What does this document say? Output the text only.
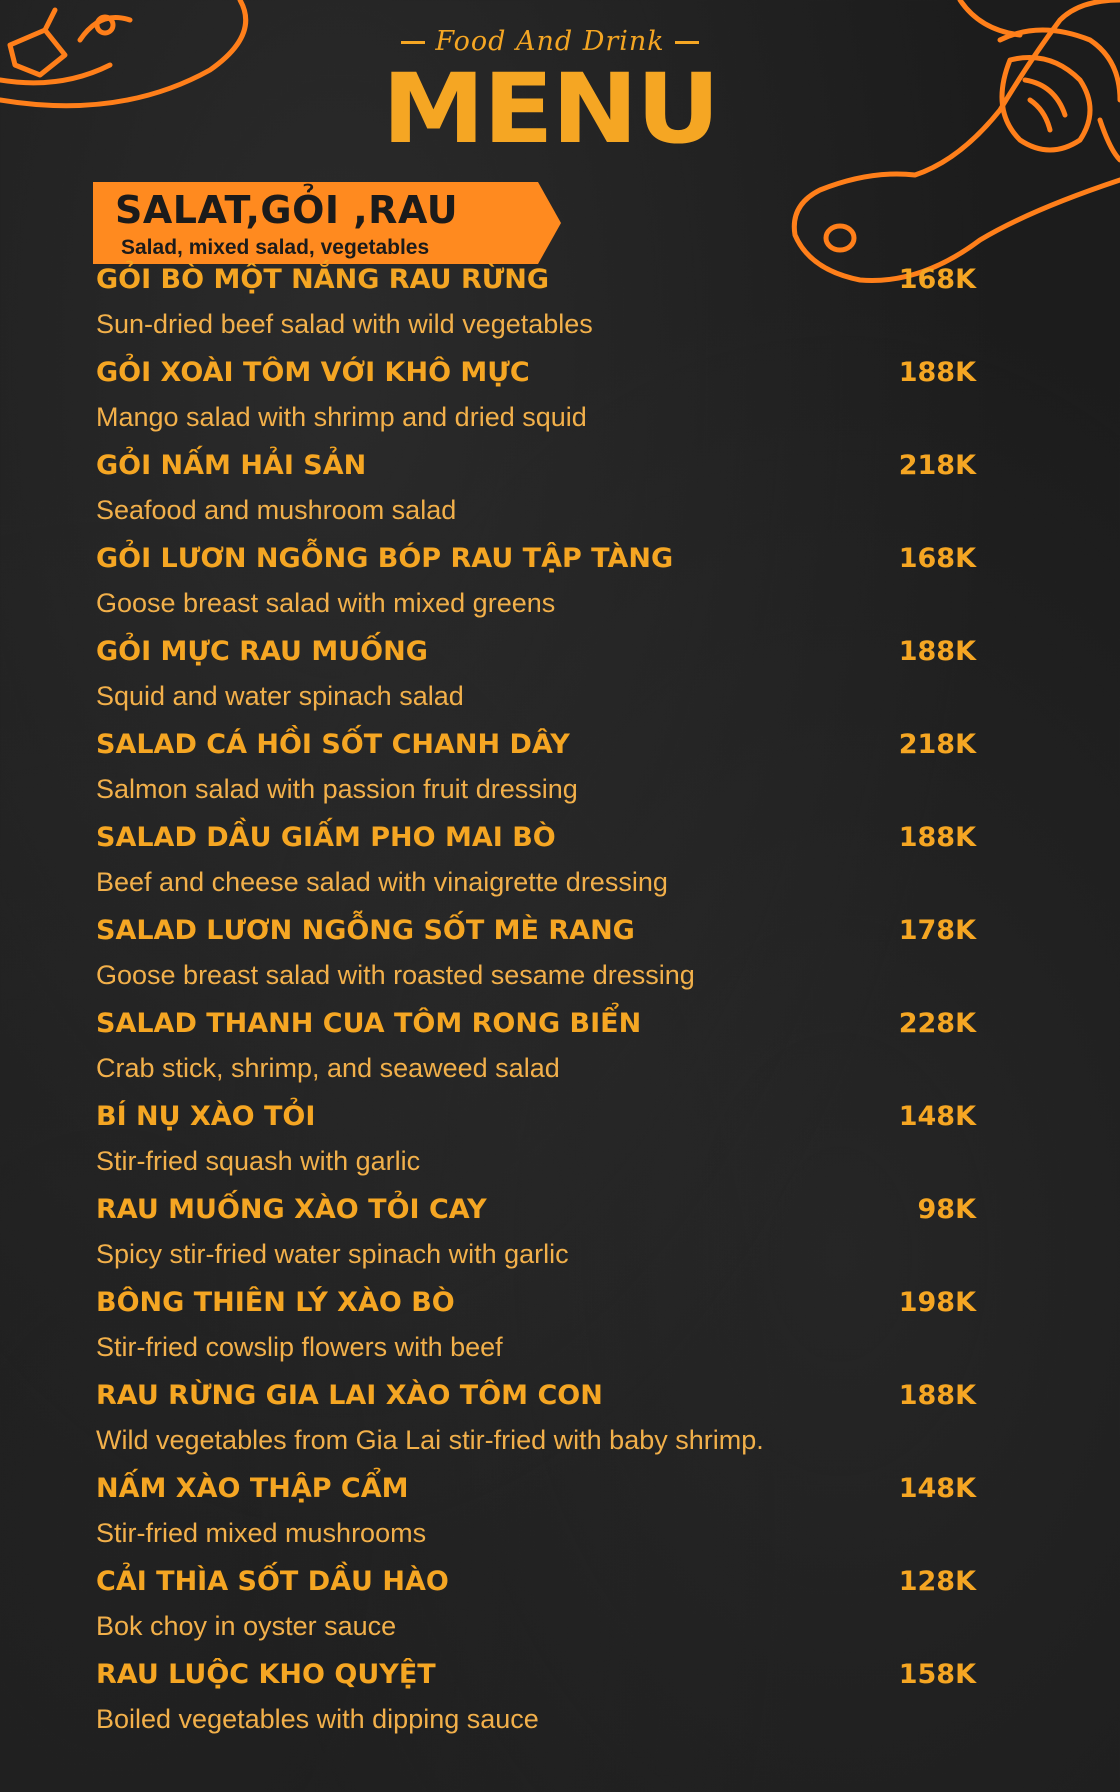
Food And Drink
MENU
SALAT,GỎI ,RAU
Salad, mixed salad, vegetables
GỎI BÒ MỘT NẮNG RAU RỪNG	168K
Sun-dried beef salad with wild vegetables
GỎI XOÀI TÔM VỚI KHÔ MỰC	188K
Mango salad with shrimp and dried squid
GỎI NẤM HẢI SẢN	218K
Seafood and mushroom salad
GỎI LƯƠN NGỖNG BÓP RAU TẬP TÀNG	168K
Goose breast salad with mixed greens
GỎI MỰC RAU MUỐNG	188K
Squid and water spinach salad
SALAD CÁ HỒI SỐT CHANH DÂY	218K
Salmon salad with passion fruit dressing
SALAD DẦU GIẤM PHO MAI BÒ	188K
Beef and cheese salad with vinaigrette dressing
SALAD LƯƠN NGỖNG SỐT MÈ RANG	178K
Goose breast salad with roasted sesame dressing
SALAD THANH CUA TÔM RONG BIỂN	228K
Crab stick, shrimp, and seaweed salad
BÍ NỤ XÀO TỎI	148K
Stir-fried squash with garlic
RAU MUỐNG XÀO TỎI CAY	98K
Spicy stir-fried water spinach with garlic
BÔNG THIÊN LÝ XÀO BÒ	198K
Stir-fried cowslip flowers with beef
RAU RỪNG GIA LAI XÀO TÔM CON	188K
Wild vegetables from Gia Lai stir-fried with baby shrimp.
NẤM XÀO THẬP CẨM	148K
Stir-fried mixed mushrooms
CẢI THÌA SỐT DẦU HÀO	128K
Bok choy in oyster sauce
RAU LUỘC KHO QUYỆT	158K
Boiled vegetables with dipping sauce
